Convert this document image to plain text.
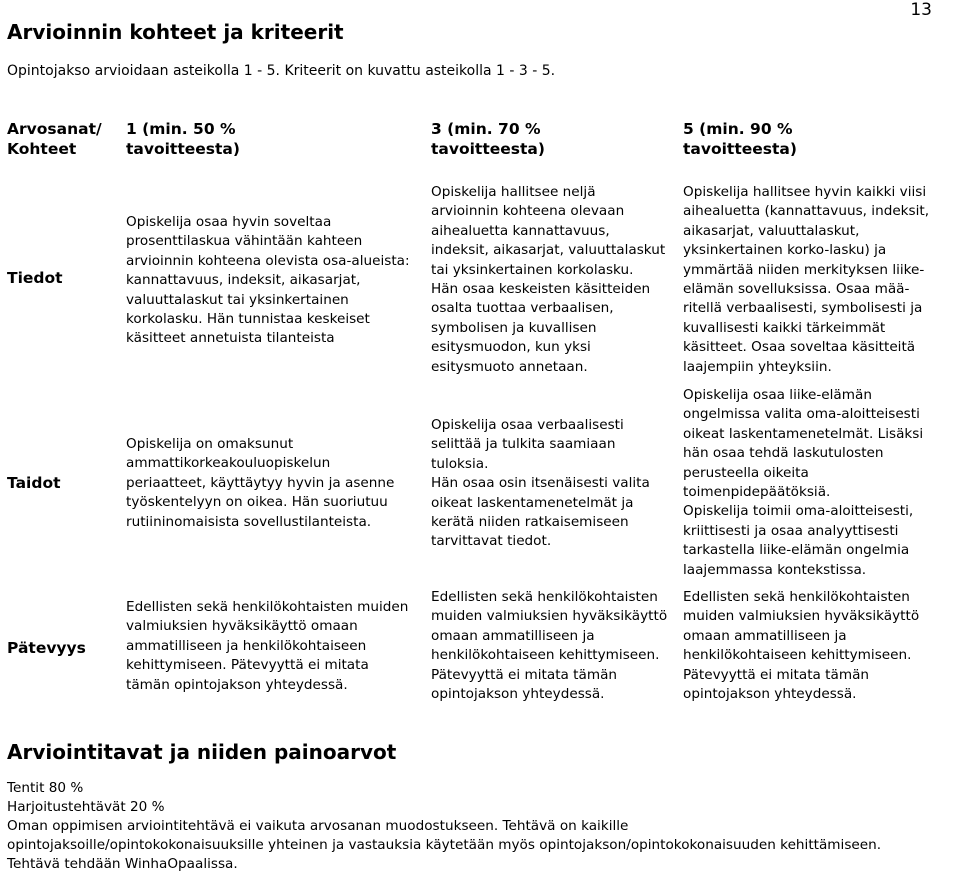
13
Arvioinnin kohteet ja kriteerit
Opintojakso arvioidaan asteikolla 1 - 5. Kriteerit on kuvattu asteikolla 1 - 3 - 5.
Arvosanat/
Kohteet
1 (min. 50 %
tavoitteesta)
3 (min. 70 %
tavoitteesta)
5 (min. 90 %
tavoitteesta)
Tiedot
Opiskelija osaa hyvin soveltaa
prosenttilaskua vähintään kahteen
arvioinnin kohteena olevista osa-alueista:
kannattavuus, indeksit, aikasarjat,
valuuttalaskut tai yksinkertainen
korkolasku. Hän tunnistaa keskeiset
käsitteet annetuista tilanteista
Opiskelija hallitsee neljä
arvioinnin kohteena olevaan
aihealuetta kannattavuus,
indeksit, aikasarjat, valuuttalaskut
tai yksinkertainen korkolasku.
Hän osaa keskeisten käsitteiden
osalta tuottaa verbaalisen,
symbolisen ja kuvallisen
esitysmuodon, kun yksi
esitysmuoto annetaan.
Opiskelija hallitsee hyvin kaikki viisi
aihealuetta (kannattavuus, indeksit,
aikasarjat, valuuttalaskut,
yksinkertainen korko-lasku) ja
ymmärtää niiden merkityksen liike-
elämän sovelluksissa. Osaa mää-
ritellä verbaalisesti, symbolisesti ja
kuvallisesti kaikki tärkeimmät
käsitteet. Osaa soveltaa käsitteitä
laajempiin yhteyksiin.
Taidot
Opiskelija on omaksunut
ammattikorkeakouluopiskelun
periaatteet, käyttäytyy hyvin ja asenne
työskentelyyn on oikea. Hän suoriutuu
rutiininomaisista sovellustilanteista.
Opiskelija osaa verbaalisesti
selittää ja tulkita saamiaan
tuloksia.
Hän osaa osin itsenäisesti valita
oikeat laskentamenetelmät ja
kerätä niiden ratkaisemiseen
tarvittavat tiedot.
Opiskelija osaa liike-elämän
ongelmissa valita oma-aloitteisesti
oikeat laskentamenetelmät. Lisäksi
hän osaa tehdä laskutulosten
perusteella oikeita
toimenpidepäätöksiä.
Opiskelija toimii oma-aloitteisesti,
kriittisesti ja osaa analyyttisesti
tarkastella liike-elämän ongelmia
laajemmassa kontekstissa.
Pätevyys
Edellisten sekä henkilökohtaisten muiden
valmiuksien hyväksikäyttö omaan
ammatilliseen ja henkilökohtaiseen
kehittymiseen. Pätevyyttä ei mitata
tämän opintojakson yhteydessä.
Edellisten sekä henkilökohtaisten
muiden valmiuksien hyväksikäyttö
omaan ammatilliseen ja
henkilökohtaiseen kehittymiseen.
Pätevyyttä ei mitata tämän
opintojakson yhteydessä.
Edellisten sekä henkilökohtaisten
muiden valmiuksien hyväksikäyttö
omaan ammatilliseen ja
henkilökohtaiseen kehittymiseen.
Pätevyyttä ei mitata tämän
opintojakson yhteydessä.
Arviointitavat ja niiden painoarvot
Tentit 80 %
Harjoitustehtävät 20 %
Oman oppimisen arviointitehtävä ei vaikuta arvosanan muodostukseen. Tehtävä on kaikille
opintojaksoille/opintokokonaisuuksille yhteinen ja vastauksia käytetään myös opintojakson/opintokokonaisuuden kehittämiseen.
Tehtävä tehdään WinhaOpaalissa.
